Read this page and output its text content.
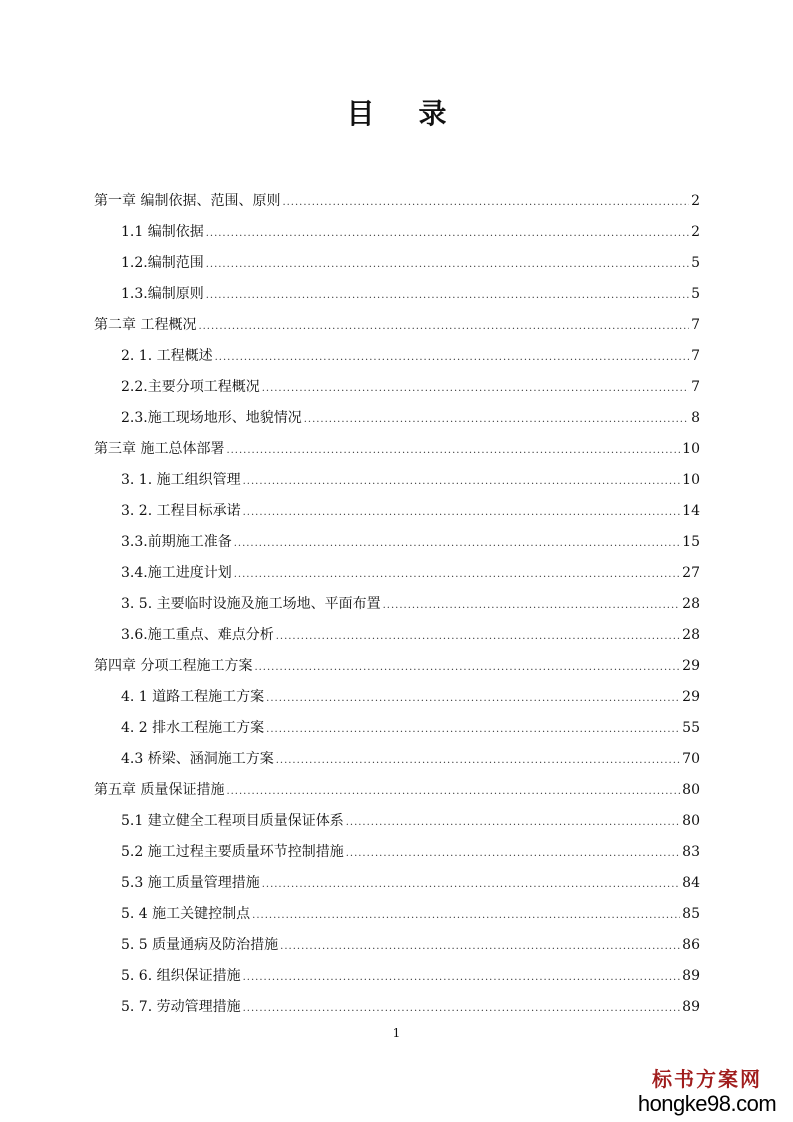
目录
第一章 编制依据、范围、原则 .....	2
1.1 编制依据 .....	2
1.2.编制范围 .....	5
1.3.编制原则 .....	5
第二章 工程概况 .....	7
2. 1. 工程概述 .....	7
2.2.主要分项工程概况 .....	7
2.3.施工现场地形、地貌情况 .....	8
第三章 施工总体部署 .....	10
3. 1. 施工组织管理 .....	10
3. 2. 工程目标承诺 .....	14
3.3.前期施工准备 .....	15
3.4.施工进度计划 .....	27
3. 5. 主要临时设施及施工场地、平面布置 .....	28
3.6.施工重点、难点分析 .....	28
第四章 分项工程施工方案 .....	29
4. 1 道路工程施工方案 .....	29
4. 2 排水工程施工方案 .....	55
4.3 桥梁、涵洞施工方案 .....	70
第五章 质量保证措施 .....	80
5.1 建立健全工程项目质量保证体系 .....	80
5.2 施工过程主要质量环节控制措施 .....	83
5.3 施工质量管理措施 .....	84
5. 4 施工关键控制点 .....	85
5. 5 质量通病及防治措施 .....	86
5. 6. 组织保证措施 .....	89
5. 7. 劳动管理措施 .....	89
1
标书方案网
hongke98.com
